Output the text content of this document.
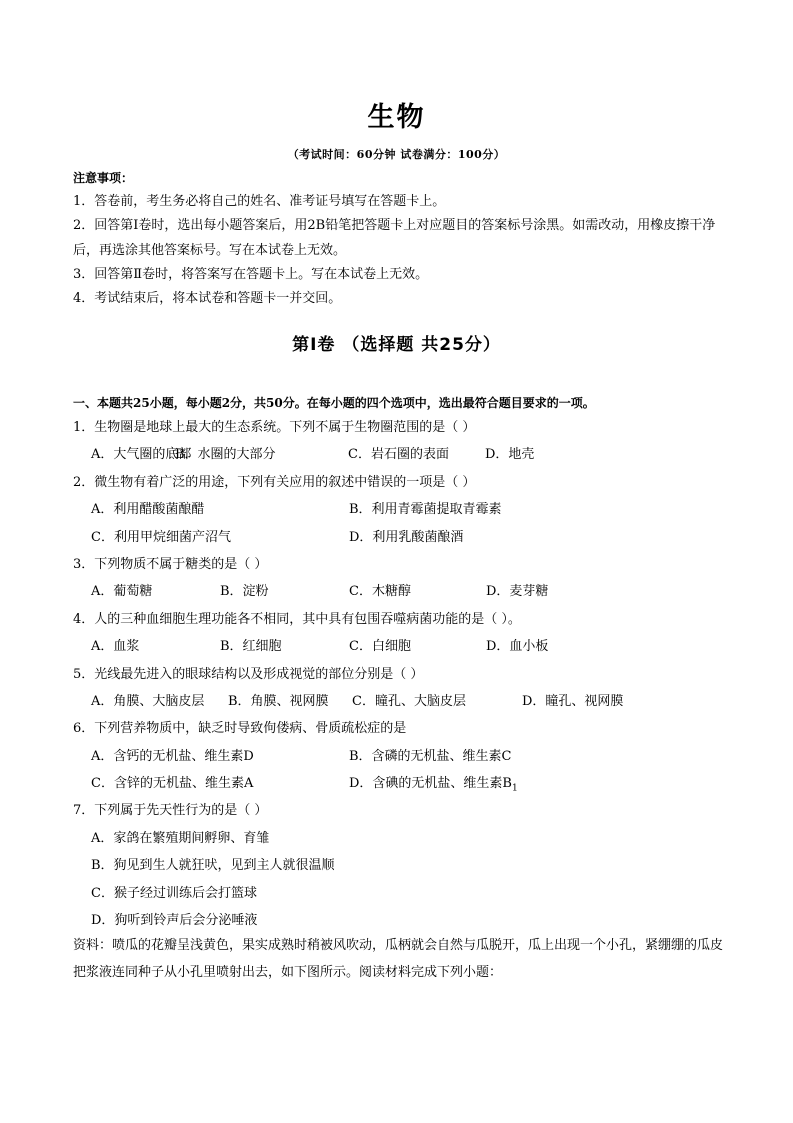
生物
（考试时间：60分钟 试卷满分：100分）
注意事项：

1．答卷前，考生务必将自己的姓名、准考证号填写在答题卡上。

2．回答第Ⅰ卷时，选出每小题答案后，用2B铅笔把答题卡上对应题目的答案标号涂黑。如需改动，用橡皮擦干净后，再选涂其他答案标号。写在本试卷上无效。

3．回答第Ⅱ卷时，将答案写在答题卡上。写在本试卷上无效。

4．考试结束后，将本试卷和答题卡一并交回。

第Ⅰ卷 （选择题 共25分）
一、本题共25小题，每小题2分，共50分。在每小题的四个选项中，选出最符合题目要求的一项。
1．生物圈是地球上最大的生态系统。下列不属于生物圈范围的是（ ）
A．大气圈的底部
B．水圈的大部分	C．岩石圈的表面	D．地壳
2．微生物有着广泛的用途，下列有关应用的叙述中错误的一项是（ ）
A．利用醋酸菌酿醋	B．利用青霉菌提取青霉素
C．利用甲烷细菌产沼气	D．利用乳酸菌酿酒
3．下列物质不属于糖类的是（ ）
A．葡萄糖	B．淀粉	C．木糖醇	D．麦芽糖
4．人的三种血细胞生理功能各不相同，其中具有包围吞噬病菌功能的是（ ）。
A．血浆	B．红细胞	C．白细胞	D．血小板
5．光线最先进入的眼球结构以及形成视觉的部位分别是（ ）
A．角膜、大脑皮层	B．角膜、视网膜	C．瞳孔、大脑皮层	D．瞳孔、视网膜
6．下列营养物质中，缺乏时导致佝偻病、骨质疏松症的是
A．含钙的无机盐、维生素D	B．含磷的无机盐、维生素C
C．含锌的无机盐、维生素A	D．含碘的无机盐、维生素$B_1$
7．下列属于先天性行为的是（ ）
A．家鸽在繁殖期间孵卵、育雏
B．狗见到生人就狂吠，见到主人就很温顺
C．猴子经过训练后会打篮球
D．狗听到铃声后会分泌唾液
资料：喷瓜的花瓣呈浅黄色，果实成熟时稍被风吹动，瓜柄就会自然与瓜脱开，瓜上出现一个小孔，紧绷绷的瓜皮把浆液连同种子从小孔里喷射出去，如下图所示。阅读材料完成下列小题：
